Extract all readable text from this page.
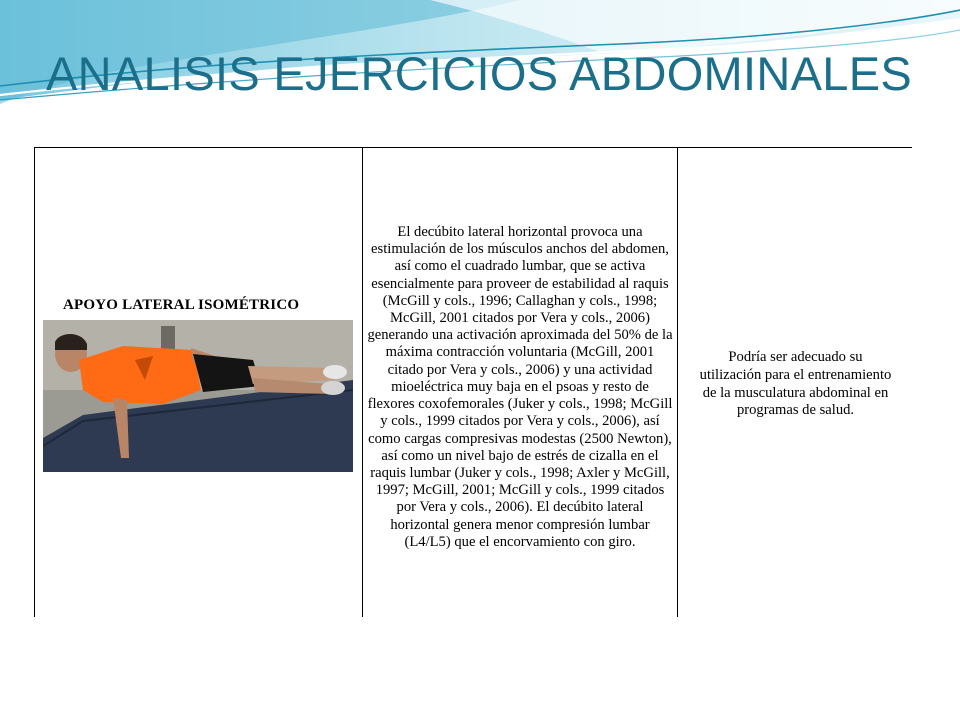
ANALISIS EJERCICIOS ABDOMINALES
APOYO LATERAL ISOMÉTRICO

El decúbito lateral horizontal provoca una estimulación de los músculos anchos del abdomen, así como el cuadrado lumbar, que se activa esencialmente para proveer de estabilidad al raquis (McGill y cols., 1996; Callaghan y cols., 1998; McGill, 2001 citados por Vera y cols., 2006) generando una activación aproximada del 50% de la máxima contracción voluntaria (McGill, 2001 citado por Vera y cols., 2006) y una actividad mioeléctrica muy baja en el psoas y resto de flexores coxofemorales (Juker y cols., 1998; McGill y cols., 1999 citados por Vera y cols., 2006), así como cargas compresivas modestas (2500 Newton), así como un nivel bajo de estrés de cizalla en el raquis lumbar (Juker y cols., 1998; Axler y McGill, 1997; McGill, 2001; McGill y cols., 1999 citados por Vera y cols., 2006). El decúbito lateral horizontal genera menor compresión lumbar (L4/L5) que el encorvamiento con giro.

Podría ser adecuado su utilización para el entrenamiento de la musculatura abdominal en programas de salud.
